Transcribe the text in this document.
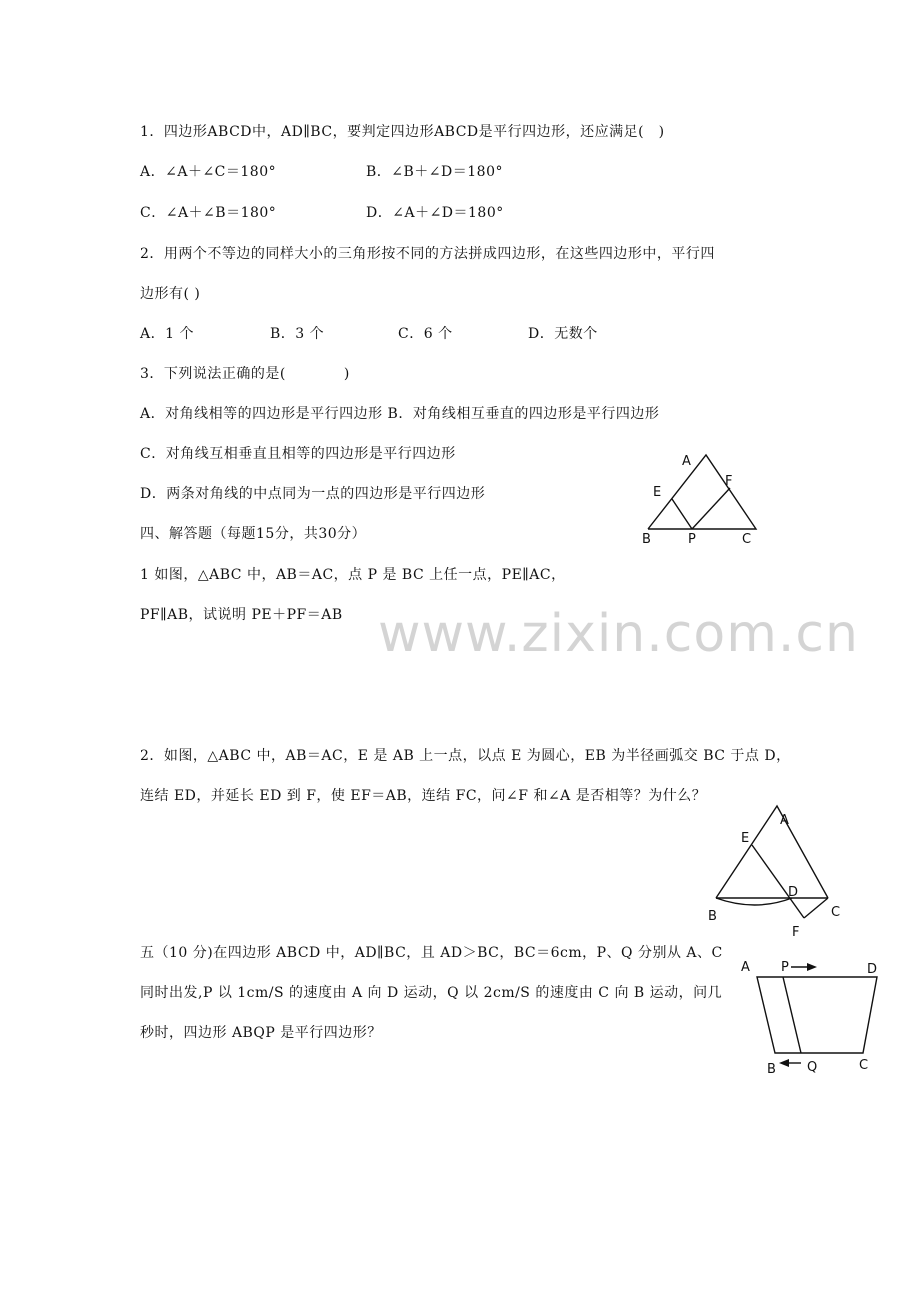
www.zixin.com.cn
1．四边形ABCD中，AD∥BC，要判定四边形ABCD是平行四边形，还应满足(　)
A．∠A＋∠C＝180°	B．∠B＋∠D＝180°
C．∠A＋∠B＝180°	D．∠A＋∠D＝180°
2．用两个不等边的同样大小的三角形按不同的方法拼成四边形，在这些四边形中，平行四
边形有( )
A．1 个	B．3 个	C．6 个	D．无数个
3．下列说法正确的是(　　　　)
A．对角线相等的四边形是平行四边形 B．对角线相互垂直的四边形是平行四边形
C．对角线互相垂直且相等的四边形是平行四边形
D．两条对角线的中点同为一点的四边形是平行四边形
四、解答题（每题15分，共30分）
1 如图，△ABC 中，AB＝AC，点 P 是 BC 上任一点，PE∥AC，
PF∥AB，试说明 PE＋PF＝AB
2．如图，△ABC 中，AB＝AC，E 是 AB 上一点，以点 E 为圆心，EB 为半径画弧交 BC 于点 D，
连结 ED，并延长 ED 到 F，使 EF＝AB，连结 FC，问∠F 和∠A 是否相等？为什么？
五（10 分)在四边形 ABCD 中，AD∥BC，且 AD＞BC，BC＝6cm，P、Q 分别从 A、C
同时出发,P 以 1cm/S 的速度由 A 向 D 运动，Q 以 2cm/S 的速度由 C 向 B 运动，问几
秒时，四边形 ABQP 是平行四边形？
A
E
F
B	P	C
A
E
D
B	C
F
A P	D
B Q	C
